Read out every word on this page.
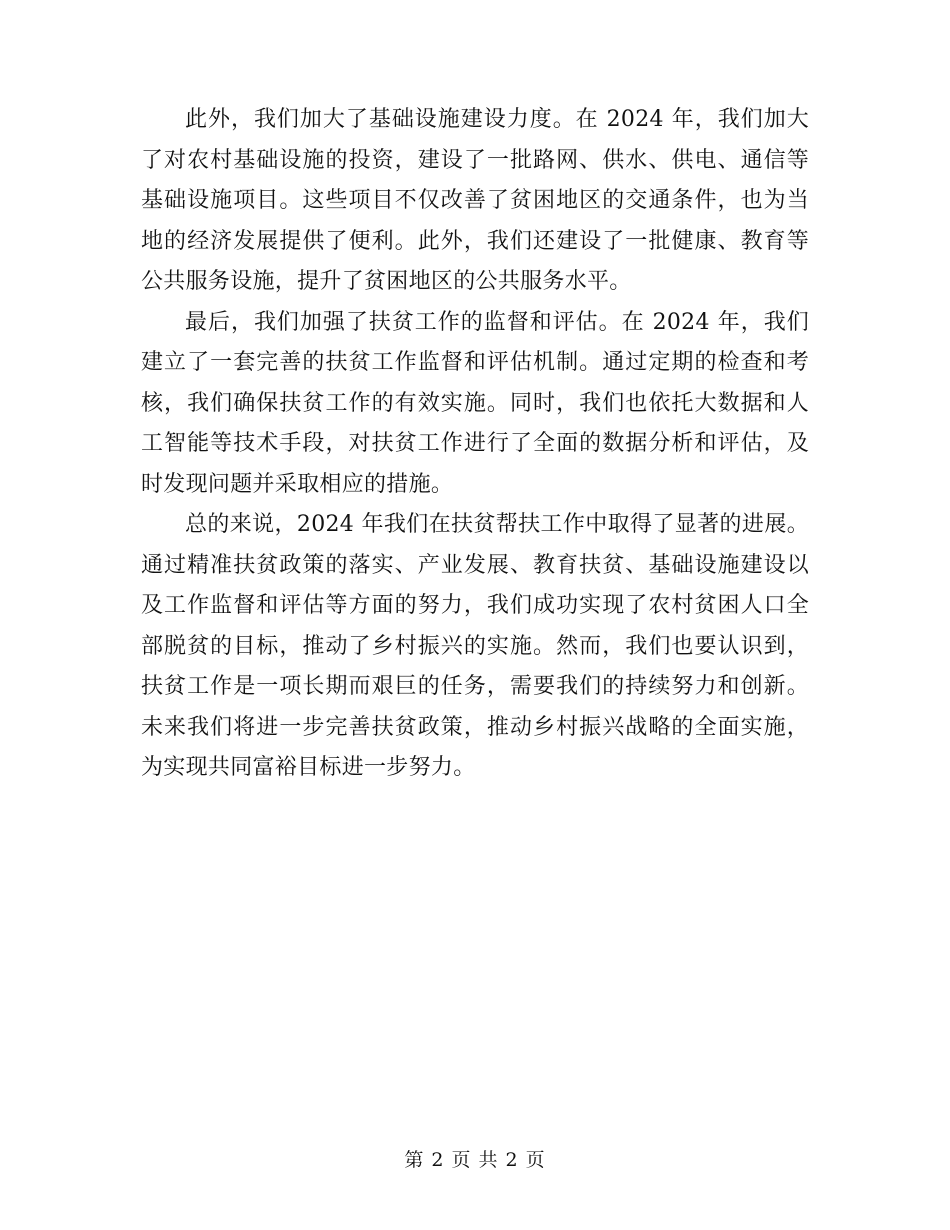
此外，我们加大了基础设施建设力度。在 2024 年，我们加大了对农村基础设施的投资，建设了一批路网、供水、供电、通信等基础设施项目。这些项目不仅改善了贫困地区的交通条件，也为当地的经济发展提供了便利。此外，我们还建设了一批健康、教育等公共服务设施，提升了贫困地区的公共服务水平。

最后，我们加强了扶贫工作的监督和评估。在 2024 年，我们建立了一套完善的扶贫工作监督和评估机制。通过定期的检查和考核，我们确保扶贫工作的有效实施。同时，我们也依托大数据和人工智能等技术手段，对扶贫工作进行了全面的数据分析和评估，及时发现问题并采取相应的措施。

总的来说，2024 年我们在扶贫帮扶工作中取得了显著的进展。通过精准扶贫政策的落实、产业发展、教育扶贫、基础设施建设以及工作监督和评估等方面的努力，我们成功实现了农村贫困人口全部脱贫的目标，推动了乡村振兴的实施。然而，我们也要认识到，扶贫工作是一项长期而艰巨的任务，需要我们的持续努力和创新。未来我们将进一步完善扶贫政策，推动乡村振兴战略的全面实施，为实现共同富裕目标进一步努力。

第 2 页 共 2 页
